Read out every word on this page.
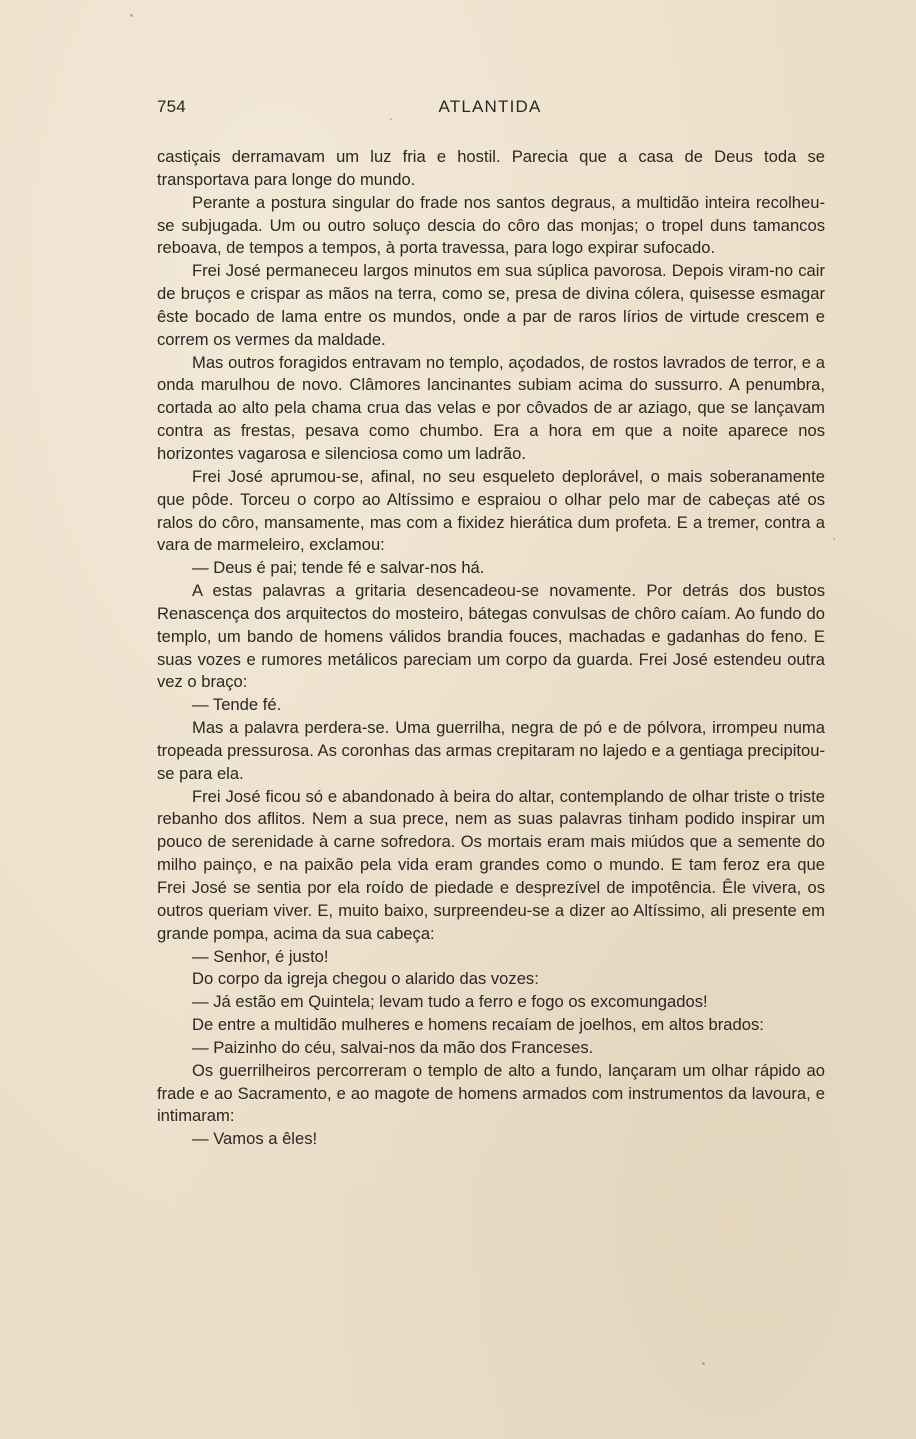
754	ATLANTIDA

castiçais derramavam um luz fria e hostil. Parecia que a casa de Deus toda se transportava para longe do mundo.

Perante a postura singular do frade nos santos degraus, a multidão inteira recolheu-se subjugada. Um ou outro soluço descia do côro das monjas; o tropel duns tamancos reboava, de tempos a tempos, à porta travessa, para logo expirar sufocado.

Frei José permaneceu largos minutos em sua súplica pavorosa. Depois viram-no cair de bruços e crispar as mãos na terra, como se, presa de divina cólera, quisesse esmagar êste bocado de lama entre os mundos, onde a par de raros lírios de virtude crescem e correm os vermes da maldade.

Mas outros foragidos entravam no templo, açodados, de rostos lavrados de terror, e a onda marulhou de novo. Clâmores lancinantes subiam acima do sussurro. A penumbra, cortada ao alto pela chama crua das velas e por côvados de ar aziago, que se lançavam contra as frestas, pesava como chumbo. Era a hora em que a noite aparece nos horizontes vagarosa e silenciosa como um ladrão.

Frei José aprumou-se, afinal, no seu esqueleto deplorável, o mais soberanamente que pôde. Torceu o corpo ao Altíssimo e espraiou o olhar pelo mar de cabeças até os ralos do côro, mansamente, mas com a fixidez hierática dum profeta. E a tremer, contra a vara de marmeleiro, exclamou:

— Deus é pai; tende fé e salvar-nos há.

A estas palavras a gritaria desencadeou-se novamente. Por detrás dos bustos Renascença dos arquitectos do mosteiro, bátegas convulsas de chôro caíam. Ao fundo do templo, um bando de homens válidos brandia fouces, machadas e gadanhas do feno. E suas vozes e rumores metálicos pareciam um corpo da guarda. Frei José estendeu outra vez o braço:

— Tende fé.

Mas a palavra perdera-se. Uma guerrilha, negra de pó e de pólvora, irrompeu numa tropeada pressurosa. As coronhas das armas crepitaram no lajedo e a gentiaga precipitou-se para ela.

Frei José ficou só e abandonado à beira do altar, contemplando de olhar triste o triste rebanho dos aflitos. Nem a sua prece, nem as suas palavras tinham podido inspirar um pouco de serenidade à carne sofredora. Os mortais eram mais miúdos que a semente do milho painço, e na paixão pela vida eram grandes como o mundo. E tam feroz era que Frei José se sentia por ela roído de piedade e desprezível de impotência. Êle vivera, os outros queriam viver. E, muito baixo, surpreendeu-se a dizer ao Altíssimo, ali presente em grande pompa, acima da sua cabeça:

— Senhor, é justo!

Do corpo da igreja chegou o alarido das vozes:

— Já estão em Quintela; levam tudo a ferro e fogo os excomungados!

De entre a multidão mulheres e homens recaíam de joelhos, em altos brados:

— Paizinho do céu, salvai-nos da mão dos Franceses.

Os guerrilheiros percorreram o templo de alto a fundo, lançaram um olhar rápido ao frade e ao Sacramento, e ao magote de homens armados com instrumentos da lavoura, e intimaram:

— Vamos a êles!
